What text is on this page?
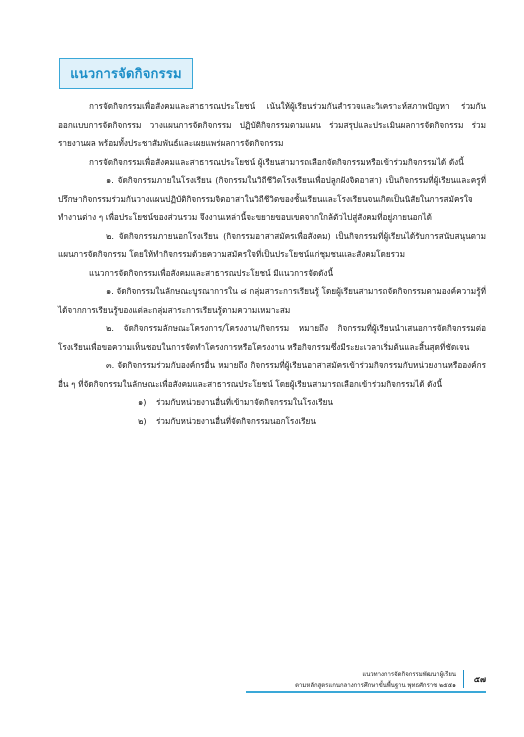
แนวการจัดกิจกรรม

การจัดกิจกรรมเพื่อสังคมและสาธารณประโยชน์ เน้นให้ผู้เรียนร่วมกันสำรวจและวิเคราะห์สภาพปัญหา ร่วมกันออกแบบการจัดกิจกรรม วางแผนการจัดกิจกรรม ปฏิบัติกิจกรรมตามแผน ร่วมสรุปและประเมินผลการจัดกิจกรรม ร่วมรายงานผล พร้อมทั้งประชาสัมพันธ์และเผยแพร่ผลการจัดกิจกรรม

การจัดกิจกรรมเพื่อสังคมและสาธารณประโยชน์ ผู้เรียนสามารถเลือกจัดกิจกรรมหรือเข้าร่วมกิจกรรมได้ ดังนี้

๑. จัดกิจกรรมภายในโรงเรียน (กิจกรรมในวิถีชีวิตโรงเรียนเพื่อปลูกฝังจิตอาสา) เป็นกิจกรรมที่ผู้เรียนและครูที่ปรึกษากิจกรรมร่วมกันวางแผนปฏิบัติกิจกรรมจิตอาสาในวิถีชีวิตของชั้นเรียนและโรงเรียนจนเกิดเป็นนิสัยในการสมัครใจทำงานต่าง ๆ เพื่อประโยชน์ของส่วนรวม จึงงานเหล่านี้จะขยายขอบเขตจากใกล้ตัวไปสู่สังคมที่อยู่ภายนอกได้

๒. จัดกิจกรรมภายนอกโรงเรียน (กิจกรรมอาสาสมัครเพื่อสังคม) เป็นกิจกรรมที่ผู้เรียนได้รับการสนับสนุนตามแผนการจัดกิจกรรม โดยให้ทำกิจกรรมด้วยความสมัครใจที่เป็นประโยชน์แก่ชุมชนและสังคมโดยรวม

แนวการจัดกิจกรรมเพื่อสังคมและสาธารณประโยชน์ มีแนวการจัดดังนี้

๑. จัดกิจกรรมในลักษณะบูรณาการใน ๘ กลุ่มสาระการเรียนรู้ โดยผู้เรียนสามารถจัดกิจกรรมตามองค์ความรู้ที่ได้จากการเรียนรู้ของแต่ละกลุ่มสาระการเรียนรู้ตามความเหมาะสม

๒. จัดกิจกรรมลักษณะโครงการ/โครงงาน/กิจกรรม หมายถึง กิจกรรมที่ผู้เรียนนำเสนอการจัดกิจกรรมต่อโรงเรียนเพื่อขอความเห็นชอบในการจัดทำโครงการหรือโครงงาน หรือกิจกรรมซึ่งมีระยะเวลาเริ่มต้นและสิ้นสุดที่ชัดเจน

๓. จัดกิจกรรมร่วมกับองค์กรอื่น หมายถึง กิจกรรมที่ผู้เรียนอาสาสมัครเข้าร่วมกิจกรรมกับหน่วยงานหรือองค์กรอื่น ๆ ที่จัดกิจกรรมในลักษณะเพื่อสังคมและสาธารณประโยชน์ โดยผู้เรียนสามารถเลือกเข้าร่วมกิจกรรมได้ ดังนี้

๑) ร่วมกับหน่วยงานอื่นที่เข้ามาจัดกิจกรรมในโรงเรียน

๒) ร่วมกับหน่วยงานอื่นที่จัดกิจกรรมนอกโรงเรียน

แนวทางการจัดกิจกรรมพัฒนาผู้เรียน
ตามหลักสูตรแกนกลางการศึกษาขั้นพื้นฐาน พุทธศักราช ๒๕๕๑
๕๗
